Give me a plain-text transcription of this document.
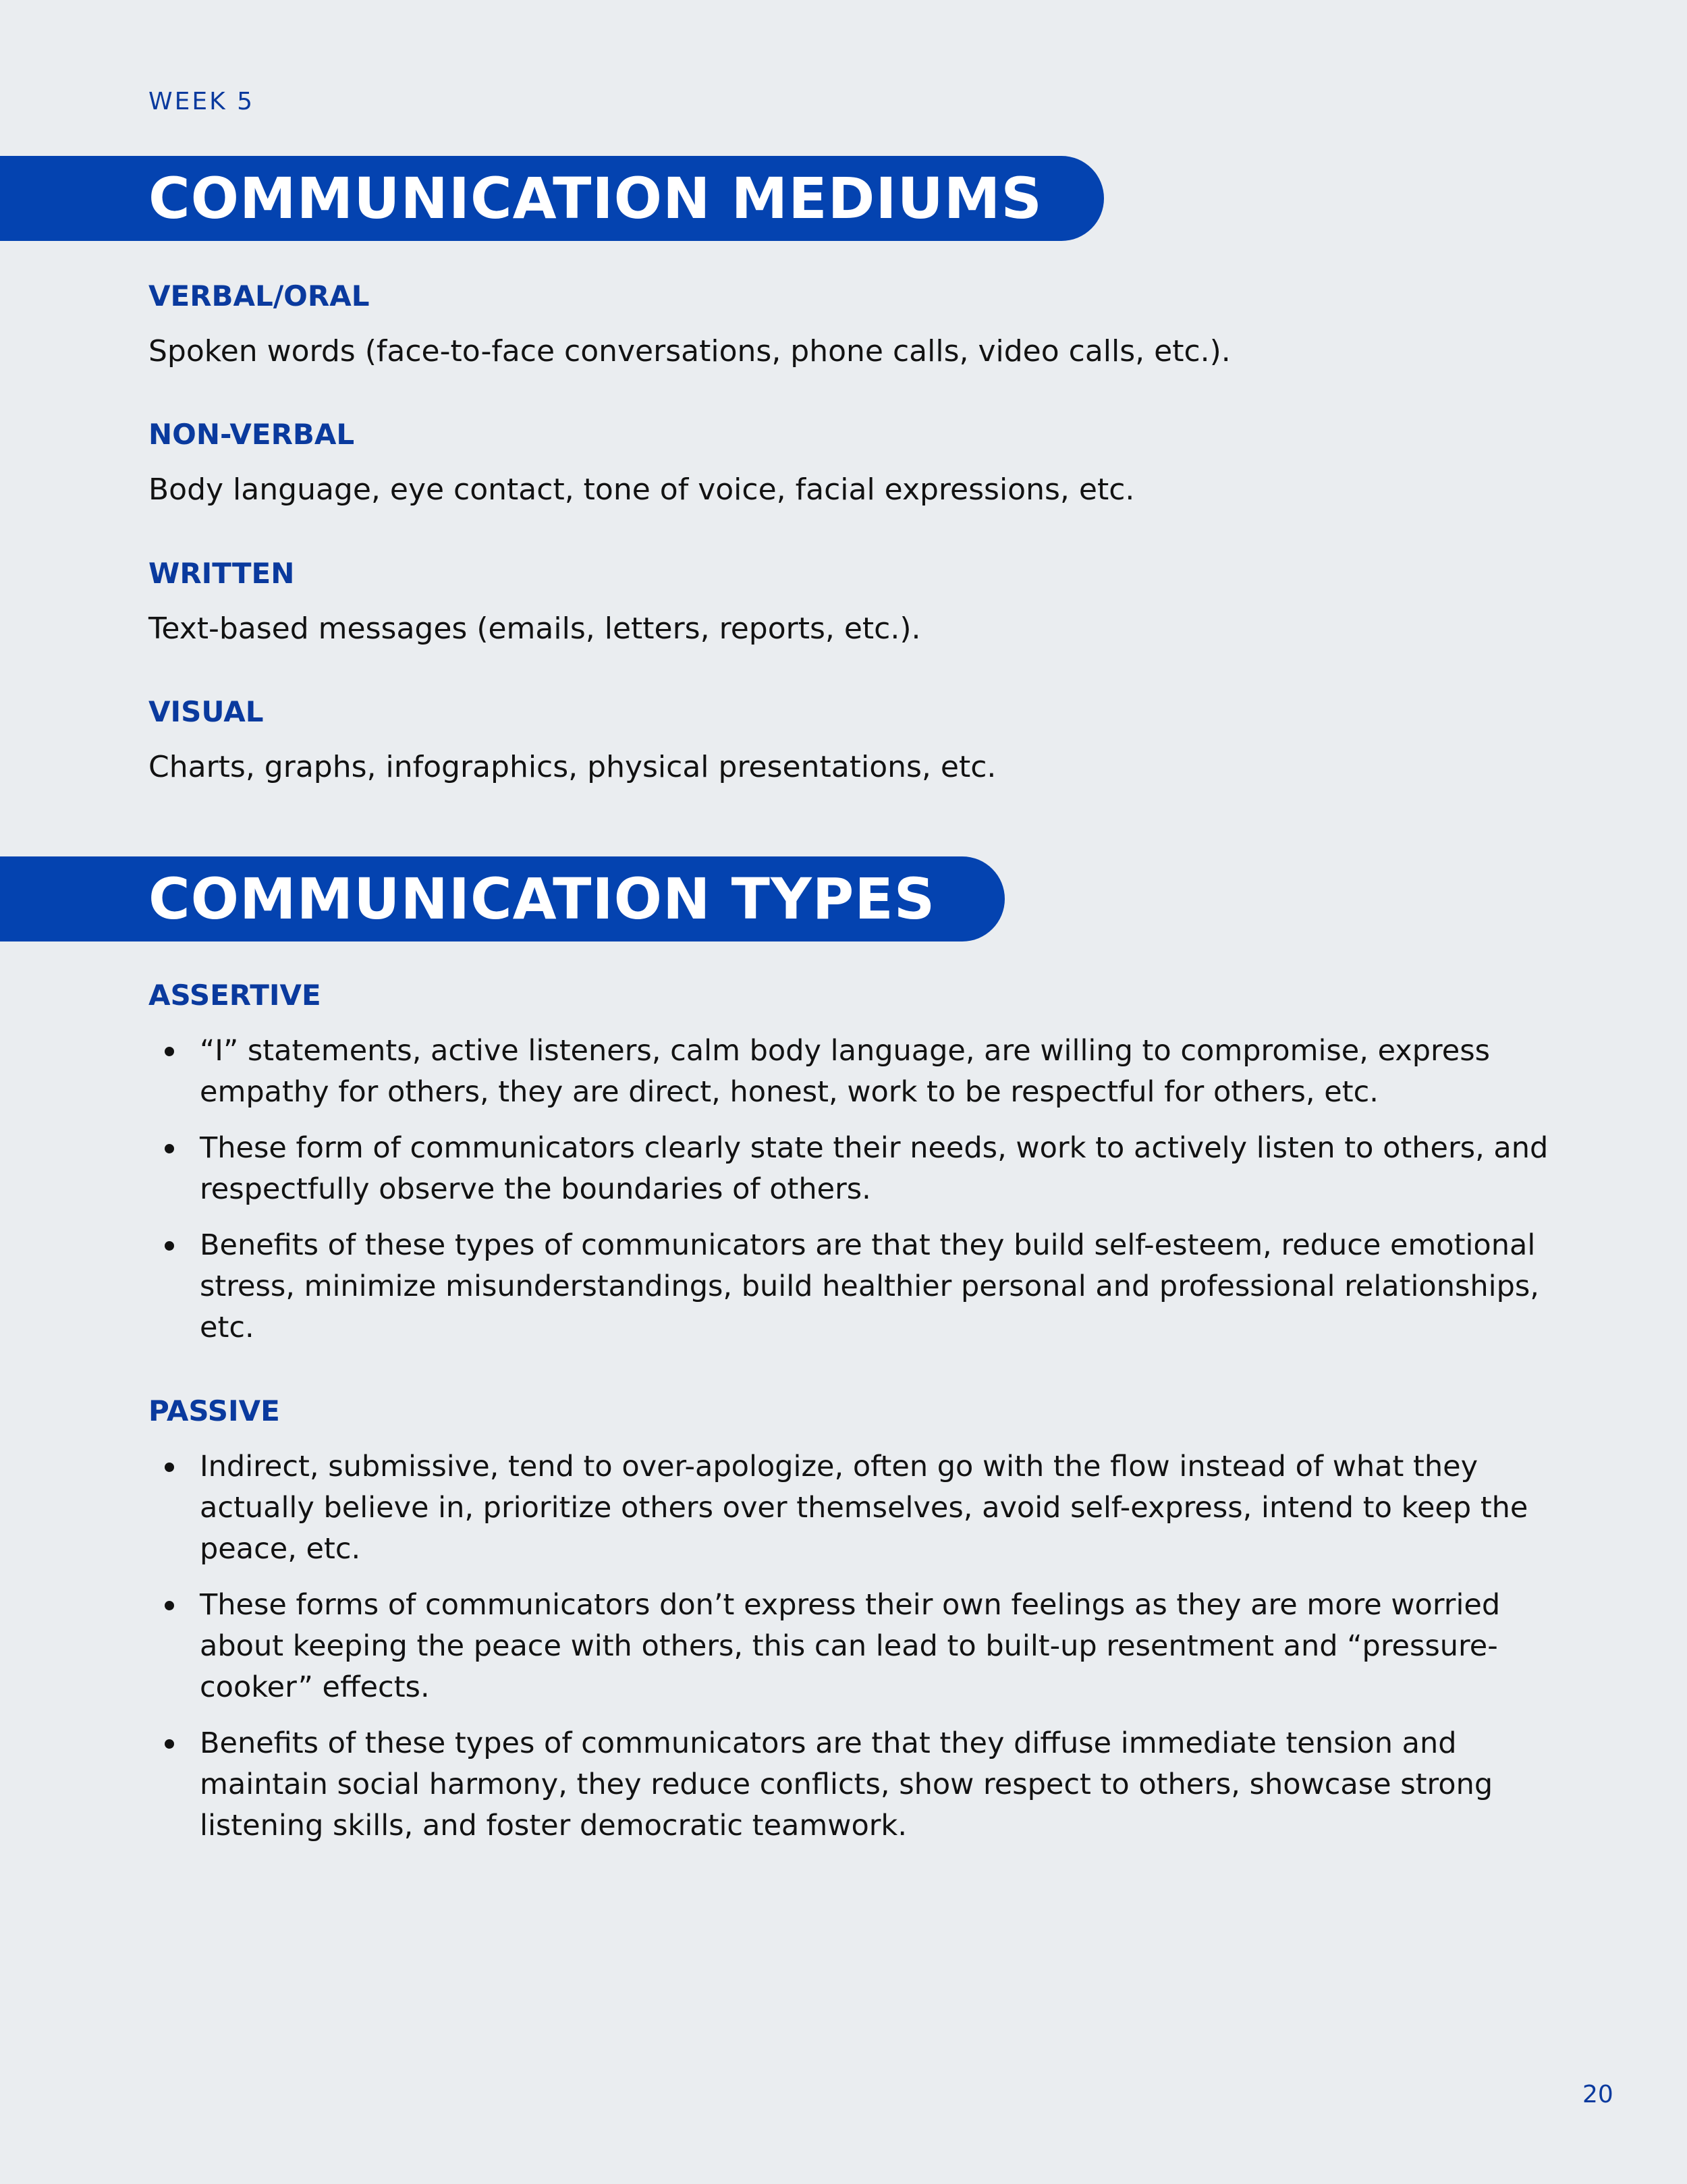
WEEK 5
COMMUNICATION MEDIUMS
VERBAL/ORAL
Spoken words (face-to-face conversations, phone calls, video calls, etc.).
NON-VERBAL
Body language, eye contact, tone of voice, facial expressions, etc.
WRITTEN
Text-based messages (emails, letters, reports, etc.).
VISUAL
Charts, graphs, infographics, physical presentations, etc.
COMMUNICATION TYPES
ASSERTIVE
“I” statements, active listeners, calm body language, are willing to compromise, express empathy for others, they are direct, honest, work to be respectful for others, etc.
These form of communicators clearly state their needs, work to actively listen to others, and respectfully observe the boundaries of others.
Benefits of these types of communicators are that they build self-esteem, reduce emotional stress, minimize misunderstandings, build healthier personal and professional relationships, etc.
PASSIVE
Indirect, submissive, tend to over-apologize, often go with the flow instead of what they actually believe in, prioritize others over themselves, avoid self-express, intend to keep the peace, etc.
These forms of communicators don’t express their own feelings as they are more worried about keeping the peace with others, this can lead to built-up resentment and “pressure-cooker” effects.
Benefits of these types of communicators are that they diffuse immediate tension and maintain social harmony, they reduce conflicts, show respect to others, showcase strong listening skills, and foster democratic teamwork.
20
